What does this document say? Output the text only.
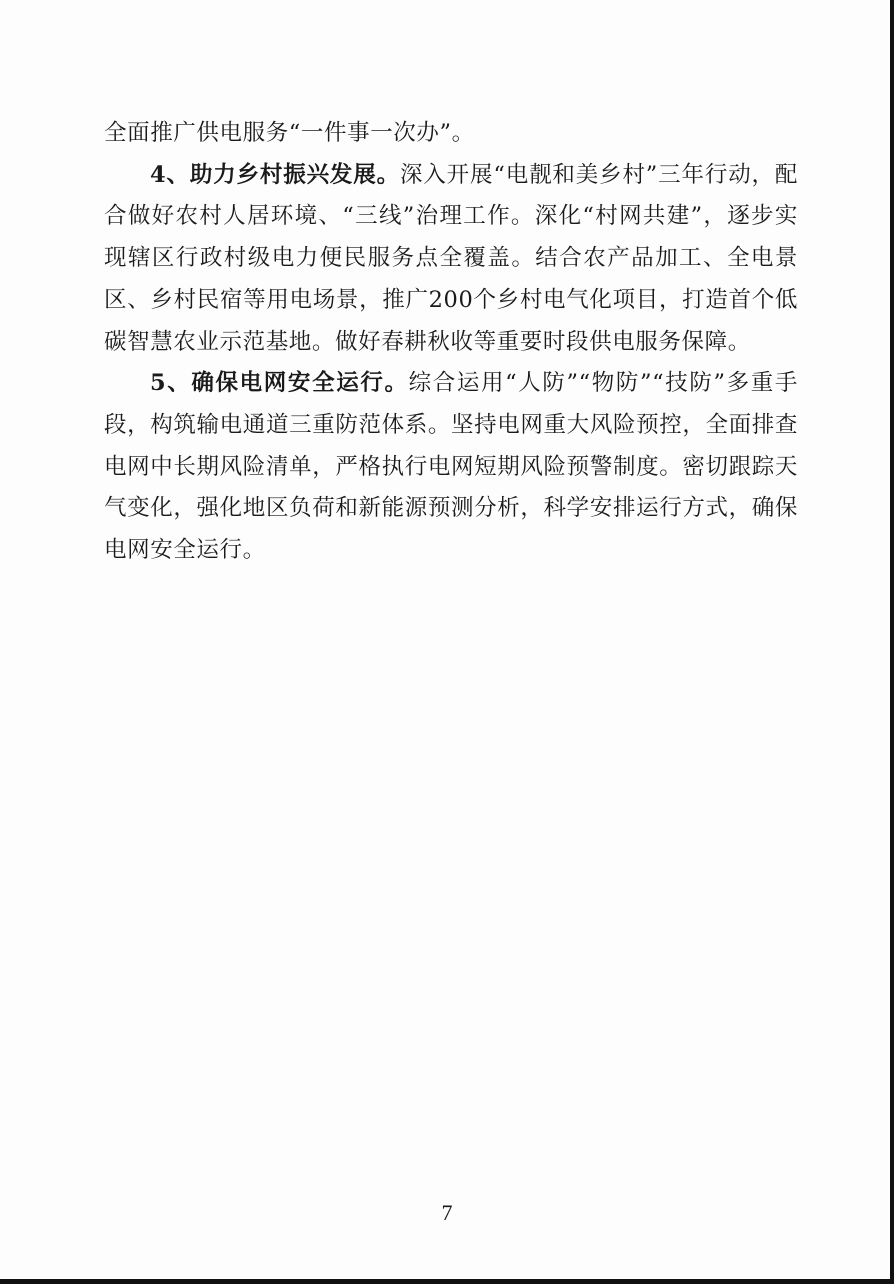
全面推广供电服务“一件事一次办”。

4、助力乡村振兴发展。深入开展“电靓和美乡村”三年行动，配合做好农村人居环境、“三线”治理工作。深化“村网共建”，逐步实现辖区行政村级电力便民服务点全覆盖。结合农产品加工、全电景区、乡村民宿等用电场景，推广200个乡村电气化项目，打造首个低碳智慧农业示范基地。做好春耕秋收等重要时段供电服务保障。

5、确保电网安全运行。综合运用“人防”“物防”“技防”多重手段，构筑输电通道三重防范体系。坚持电网重大风险预控，全面排查电网中长期风险清单，严格执行电网短期风险预警制度。密切跟踪天气变化，强化地区负荷和新能源预测分析，科学安排运行方式，确保电网安全运行。

7
